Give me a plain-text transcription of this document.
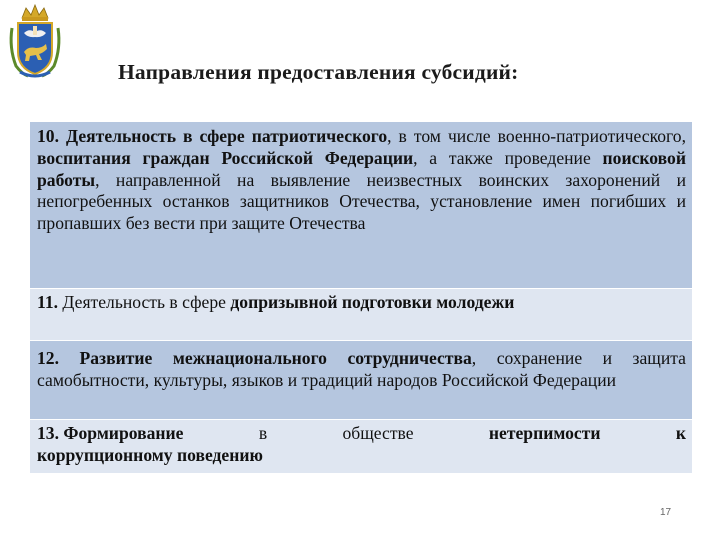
Направления предоставления субсидий:
10. Деятельность в сфере патриотического, в том числе военно-патриотического, воспитания граждан Российской Федерации, а также проведение поисковой работы, направленной на выявление неизвестных воинских захоронений и непогребенных останков защитников Отечества, установление имен погибших и пропавших без вести при защите Отечества
11. Деятельность в сфере допризывной подготовки молодежи
12. Развитие межнационального сотрудничества, сохранение и защита самобытности, культуры, языков и традиций народов Российской Федерации
13. Формирование	в	обществе	нетерпимости	к
коррупционному поведению
17
